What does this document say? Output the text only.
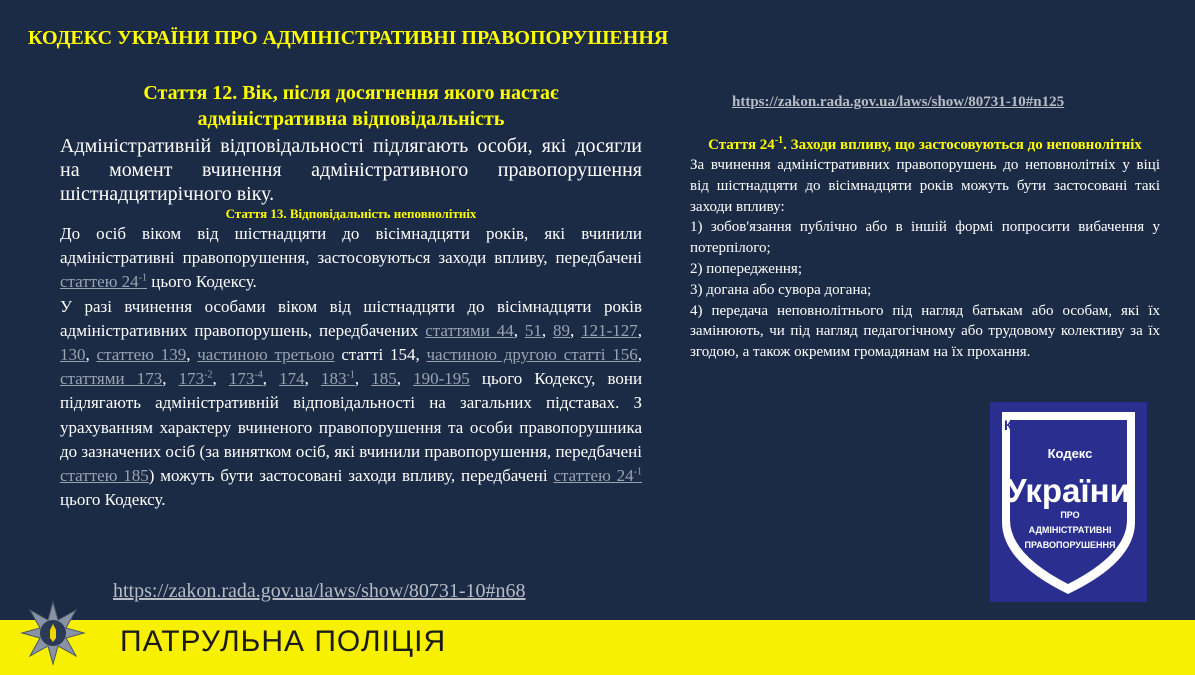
КОДЕКС УКРАЇНИ ПРО АДМІНІСТРАТИВНІ ПРАВОПОРУШЕННЯ
Стаття 12. Вік, після досягнення якого настає
адміністративна відповідальність

Адміністративній відповідальності підлягають особи, які досягли на момент вчинення адміністративного правопорушення шістнадцятирічного віку.

Стаття 13. Відповідальність неповнолітніх

До осіб віком від шістнадцяти до вісімнадцяти років, які вчинили адміністративні правопорушення, застосовуються заходи впливу, передбачені статтею $24^{-1}$ цього Кодексу.

У разі вчинення особами віком від шістнадцяти до вісімнадцяти років адміністративних правопорушень, передбачених статтями 44, 51, 89, 121-127, 130, статтею 139, частиною третьою статті 154, частиною другою статті 156, статтями 173, $173^{-2}$, $173^{-4}$, 174, $183^{-1}$, 185, 190-195 цього Кодексу, вони підлягають адміністративній відповідальності на загальних підставах. З урахуванням характеру вчиненого правопорушення та особи правопорушника до зазначених осіб (за винятком осіб, які вчинили правопорушення, передбачені статтею 185) можуть бути застосовані заходи впливу, передбачені статтею $24^{-1}$ цього Кодексу.

https://zakon.rada.gov.ua/laws/show/80731-10#n68
https://zakon.rada.gov.ua/laws/show/80731-10#n125
Стаття $24^{-1}$. Заходи впливу, що застосовуються до неповнолітніх

За вчинення адміністративних правопорушень до неповнолітніх у віці від шістнадцяти до вісімнадцяти років можуть бути застосовані такі заходи впливу:

1) зобов'язання публічно або в іншій формі попросити вибачення у потерпілого;

2) попередження;

3) догана або сувора догана;

4) передача неповнолітнього під нагляд батькам або особам, які їх замінюють, чи під нагляд педагогічному або трудовому колективу за їх згодою, а також окремим громадянам на їх прохання.

КУ
Кодекс
України
ПРО
АДМІНІСТРАТИВНІ
ПРАВОПОРУШЕННЯ
ПАТРУЛЬНА ПОЛІЦІЯ
